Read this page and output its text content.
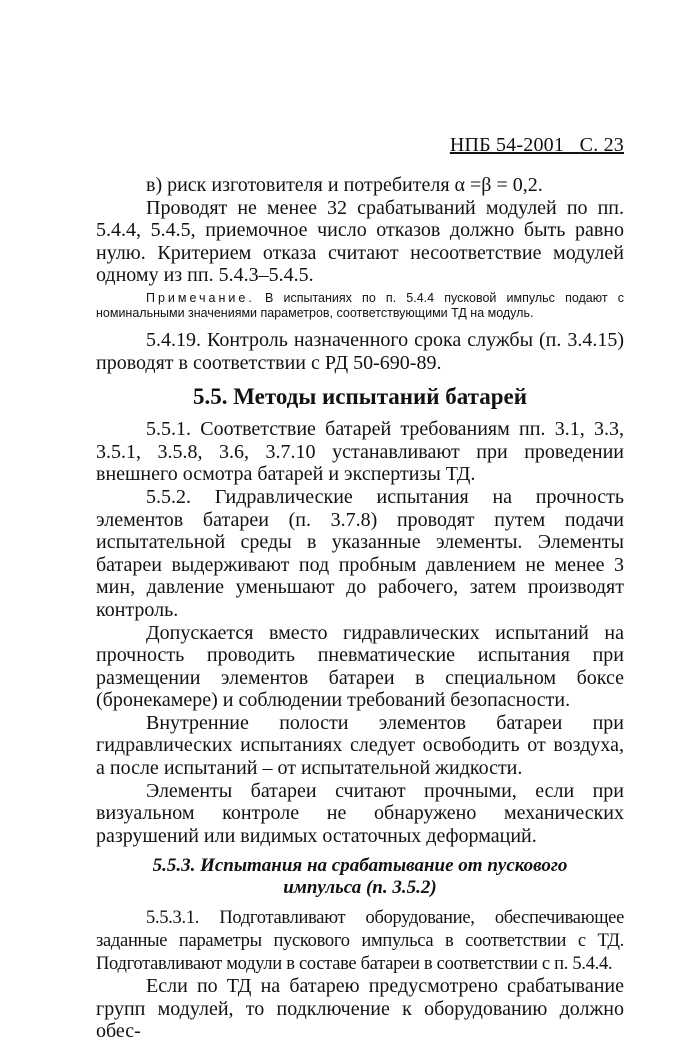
НПБ 54-2001 С. 23

в) риск изготовителя и потребителя α =β = 0,2.

Проводят не менее 32 срабатываний модулей по пп. 5.4.4, 5.4.5, приемочное число отказов должно быть равно нулю. Критерием отказа считают несоответствие модулей одному из пп. 5.4.3–5.4.5.

Примечание. В испытаниях по п. 5.4.4 пусковой импульс подают с номинальными значениями параметров, соответствующими ТД на модуль.

5.4.19. Контроль назначенного срока службы (п. 3.4.15) проводят в соответствии с РД 50-690-89.

5.5. Методы испытаний батарей

5.5.1. Соответствие батарей требованиям пп. 3.1, 3.3, 3.5.1, 3.5.8, 3.6, 3.7.10 устанавливают при проведении внешнего осмотра батарей и экспертизы ТД.

5.5.2. Гидравлические испытания на прочность элементов батареи (п. 3.7.8) проводят путем подачи испытательной среды в указанные элементы. Элементы батареи выдерживают под пробным давлением не менее 3 мин, давление уменьшают до рабочего, затем производят контроль.

Допускается вместо гидравлических испытаний на прочность проводить пневматические испытания при размещении элементов батареи в специальном боксе (бронекамере) и соблюдении требований безопасности.

Внутренние полости элементов батареи при гидравлических испытаниях следует освободить от воздуха, а после испытаний – от испытательной жидкости.

Элементы батареи считают прочными, если при визуальном контроле не обнаружено механических разрушений или видимых остаточных деформаций.

5.5.3. Испытания на срабатывание от пускового
импульса (п. 3.5.2)

5.5.3.1. Подготавливают оборудование, обеспечивающее заданные параметры пускового импульса в соответствии с ТД. Подготавливают модули в составе батареи в соответствии с п. 5.4.4.

Если по ТД на батарею предусмотрено срабатывание групп модулей, то подключение к оборудованию должно обес-
